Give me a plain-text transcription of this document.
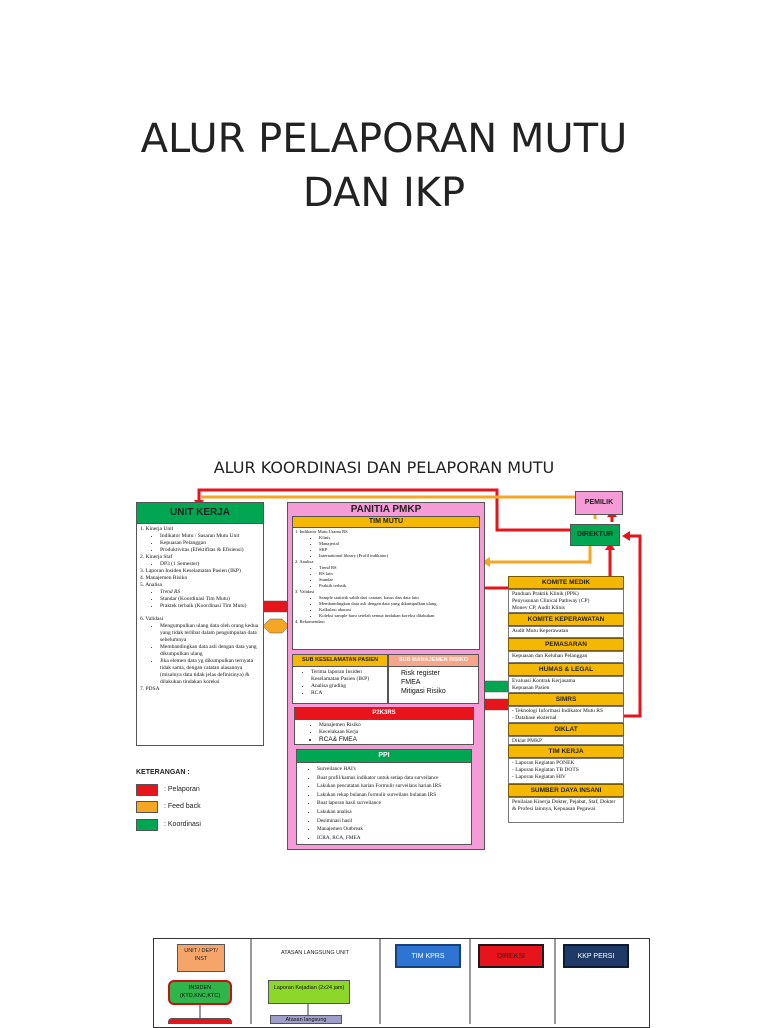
ALUR PELAPORAN MUTU
DAN IKP
ALUR KOORDINASI DAN PELAPORAN MUTU
UNIT KERJA
1. Kinerja Unit
• Indikator Mutu / Sasaran Mutu Unit
• Kepuasan Pelanggan
• Produktivitas (Efektifitas & Efisiensi)
2. Kinerja Staf
• DP3 (1 Semester)
3. Laporan Insiden Keselamatan Pasien (IKP)
4. Manajemen Risiko
5. Analisa
• Trend RS
• Standar (Koordinasi Tim Mutu)
• Praktek terbaik (Koordinasi Tim Mutu)
6. Validasi
• Mengumpulkan ulang data oleh orang kedua yang tidak terlibat dalam pengumpulan data sebelumnya
• Membandingkan data asli dengan data yang dikumpulkan ulang
• Jika elemen data yg dikumpulkan ternyata tidak sama, dengan catatan alasannya (misalnya data tidak jelas definisinya) & dilakukan tindakan koreksi
7. PDSA
PANITIA PMKP
TIM MUTU
1. Indikator Mutu Utama RS
• Klinis
• Manajerial
• SKP
• International library (Profil indikator)
2. Analisa
• Trend RS
• RS lain
• Standar
• Praktik terbaik
3. Validasi
• Sample statistik sahih dari catatan, kasus dan data lain
• Membandingkan data asli dengan data yang dikumpulkan ulang
• Kalkulasi akurasi
• Koleksi sample baru setelah semua tindakan koreksi dilakukan
4. Rekomendasi
SUB KESELAMATAN PASIEN
• Terima laporan Insiden Keselamatan Pasien (IKP)
• Analisa grading
• RCA
SUB MANAJEMEN RISIKO
Risk register
FMEA
Mitigasi Risiko
P2K3RS
• Manajemen Risiko
• Kecelakaan Kerja
• RCA& FMEA
PPI
• Surveilance HAI's
• Buat profil/kamus indikator untuk setiap data surveilance
• Lakukan pencatatan harian Formulir surveilans harian IRS
• Lakukan rekap bulanan formulir surveilans bulanan IRS
• Buat laporan hasil surveilance
• Lakukan analisa
• Desiminasi hasil
• Manajemen Outbreak
• ICRA, RCA, FMEA
PEMILIK
DIREKTUR
KOMITE MEDIK
Panduan Praktik Klinik (PPK)
Penyusunan Clinical Pathway (CP)
Monev CP, Audit Klinis
KOMITE KEPERAWATAN
Audit Mutu Keperawatan
PEMASARAN
Kepuasan dan Keluhan Pelanggan
HUMAS & LEGAL
Evaluasi Kontrak Kerjasama
Kepuasan Pasien
SIMRS
- Teknologi Informasi Indikator Mutu RS
- Database eksternal
DIKLAT
Diklat PMKP
TIM KERJA
- Laporan Kegiatan PONEK
- Laporan Kegiatan TB DOTS
- Laporan Kegiatan HIV
SUMBER DAYA INSANI
Penilaian Kinerja Dokter, Pejabat, Staf, Dokter & Profesi lainnya, Kepuasan Pegawai
KETERANGAN :
: Pelaporan
: Feed back
: Koordinasi
UNIT / DEPT/ INST
ATASAN LANGSUNG UNIT	TIM KPRS	DIREKSI	KKP PERSI
INSIDEN (KTD,KNC,KTC)
Laporan Kejadian (2x24 jam)
Atasan langsung
